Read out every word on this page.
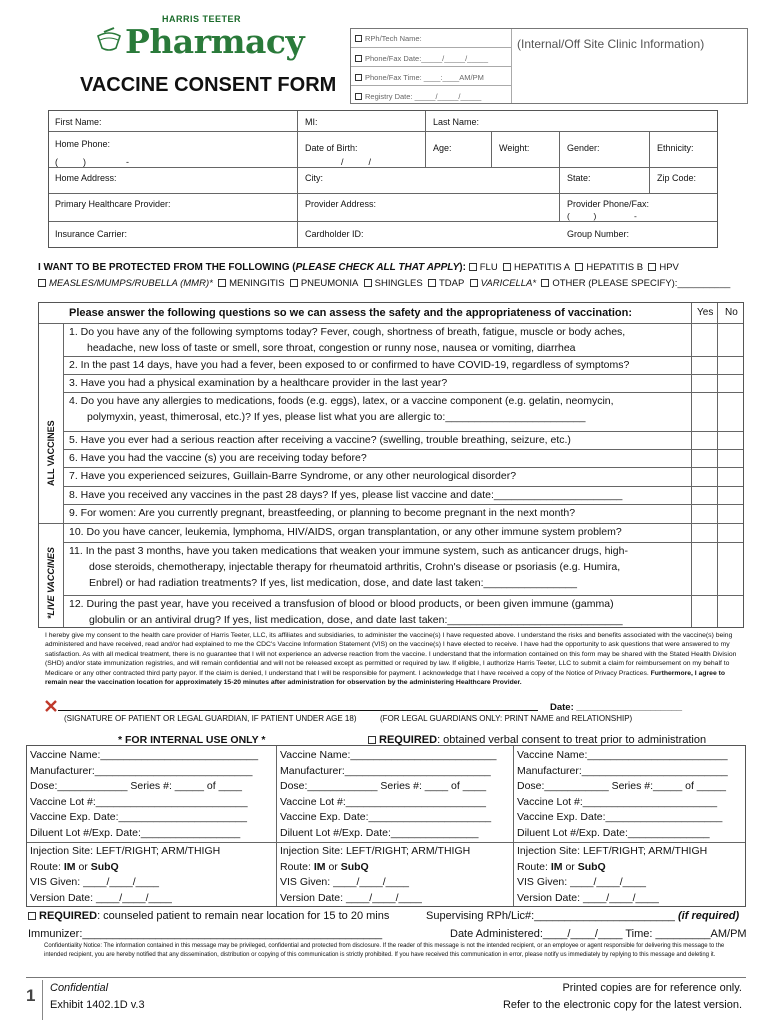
HARRIS TEETER
Pharmacy
VACCINE CONSENT FORM
RPh/Tech Name:
Phone/Fax Date:_____/_____/_____
Phone/Fax Time: ____:____AM/PM
Registry Date: _____/_____/_____
(Internal/Off Site Clinic Information)
First Name:	MI:	Last Name:
Home Phone:
(          )                -
Date of Birth:
/          /
Age:	Weight:	Gender:	Ethnicity:
Home Address:	City:	State:	Zip Code:
Primary Healthcare Provider:	Provider Address:	Provider Phone/Fax:
(          )                -
Insurance Carrier:	Cardholder ID:	Group Number:
I WANT TO BE PROTECTED FROM THE FOLLOWING (PLEASE CHECK ALL THAT APPLY): FLU HEPATITIS A HEPATITIS B HPV
MEASLES/MUMPS/RUBELLA (MMR)* MENINGITIS PNEUMONIA SHINGLES TDAP VARICELLA* OTHER (PLEASE SPECIFY):__________
Please answer the following questions so we can assess the safety and the appropriateness of vaccination:	Yes No
ALL VACCINES
*LIVE VACCINES
1. Do you have any of the following symptoms today? Fever, cough, shortness of breath, fatigue, muscle or body aches,
headache, new loss of taste or smell, sore throat, congestion or runny nose, nausea or vomiting, diarrhea
2. In the past 14 days, have you had a fever, been exposed to or confirmed to have COVID-19, regardless of symptoms?
3. Have you had a physical examination by a healthcare provider in the last year?
4. Do you have any allergies to medications, foods (e.g. eggs), latex, or a vaccine component (e.g. gelatin, neomycin,
polymyxin, yeast, thimerosal, etc.)? If yes, please list what you are allergic to:________________________
5. Have you ever had a serious reaction after receiving a vaccine? (swelling, trouble breathing, seizure, etc.)
6. Have you had the vaccine (s) you are receiving today before?
7. Have you experienced seizures, Guillain-Barre Syndrome, or any other neurological disorder?
8. Have you received any vaccines in the past 28 days? If yes, please list vaccine and date:______________________
9. For women: Are you currently pregnant, breastfeeding, or planning to become pregnant in the next month?
10. Do you have cancer, leukemia, lymphoma, HIV/AIDS, organ transplantation, or any other immune system problem?
11. In the past 3 months, have you taken medications that weaken your immune system, such as anticancer drugs, high-
dose steroids, chemotherapy, injectable therapy for rheumatoid arthritis, Crohn's disease or psoriasis (e.g. Humira,
Enbrel) or had radiation treatments? If yes, list medication, dose, and date last taken:________________
12. During the past year, have you received a transfusion of blood or blood products, or been given immune (gamma)
globulin or an antiviral drug? If yes, list medication, dose, and date last taken:______________________________
I hereby give my consent to the health care provider of Harris Teeter, LLC, its affiliates and subsidiaries, to administer the vaccine(s) I have requested above. I understand the risks and benefits associated with the vaccine(s) being administered and have received, read and/or had explained to me the CDC's Vaccine Information Statement (VIS) on the vaccine(s) I have elected to receive. I have had the opportunity to ask questions that were answered to my satisfaction. As with all medical treatment, there is no guarantee that I will not experience an adverse reaction from the vaccine. I understand that the information contained on this form may be shared with the Stated Health Division (SHD) and/or state immunization registries, and will remain confidential and will not be released except as permitted or required by law. If eligible, I authorize Harris Teeter, LLC to submit a claim for reimbursement on my behalf to Medicare or any other contracted third party payor. If the claim is denied, I understand that I will be responsible for payment. I acknowledge that I have received a copy of the Notice of Privacy Practices. Furthermore, I agree to remain near the vaccination location for approximately 15-20 minutes after administration for observation by the administering Healthcare Provider.
Date: ____________________
(SIGNATURE OF PATIENT OR LEGAL GUARDIAN, IF PATIENT UNDER AGE 18)	(FOR LEGAL GUARDIANS ONLY: PRINT NAME and RELATIONSHIP)
* FOR INTERNAL USE ONLY *	REQUIRED: obtained verbal consent to treat prior to administration
Vaccine Name:___________________________
Manufacturer:___________________________
Dose:____________ Series #: _____ of ____
Vaccine Lot #:__________________________
Vaccine Exp. Date:______________________
Diluent Lot #/Exp. Date:_________________
Injection Site: LEFT/RIGHT; ARM/THIGH
Route: IM or SubQ
VIS Given: ____/____/____
Version Date: ____/____/____
Vaccine Name:_________________________
Manufacturer:_________________________
Dose:____________ Series #: ____ of ____
Vaccine Lot #:________________________
Vaccine Exp. Date:_____________________
Diluent Lot #/Exp. Date:_______________
Injection Site: LEFT/RIGHT; ARM/THIGH
Route: IM or SubQ
VIS Given: ____/____/____
Version Date: ____/____/____
Vaccine Name:________________________
Manufacturer:_________________________
Dose:___________ Series #:_____ of _____
Vaccine Lot #:_______________________
Vaccine Exp. Date:____________________
Diluent Lot #/Exp. Date:______________
Injection Site: LEFT/RIGHT; ARM/THIGH
Route: IM or SubQ
VIS Given: ____/____/____
Version Date: ____/____/____
REQUIRED: counseled patient to remain near location for 15 to 20 mins	Supervising RPh/Lic#:_______________________ (if required)
Immunizer:_________________________________________________	Date Administered:____/____/____ Time: _________AM/PM
Confidentiality Notice: The information contained in this message may be privileged, confidential and protected from disclosure. If the reader of this message is not the intended recipient, or an employee or agent responsible for delivering this message to the intended recipient, you are hereby notified that any dissemination, distribution or copying of this communication is strictly prohibited. If you have received this communication in error, please notify us immediately by replying to this message and deleting it.
1 Confidential
Exhibit 1402.1D v.3
Printed copies are for reference only.
Refer to the electronic copy for the latest version.
